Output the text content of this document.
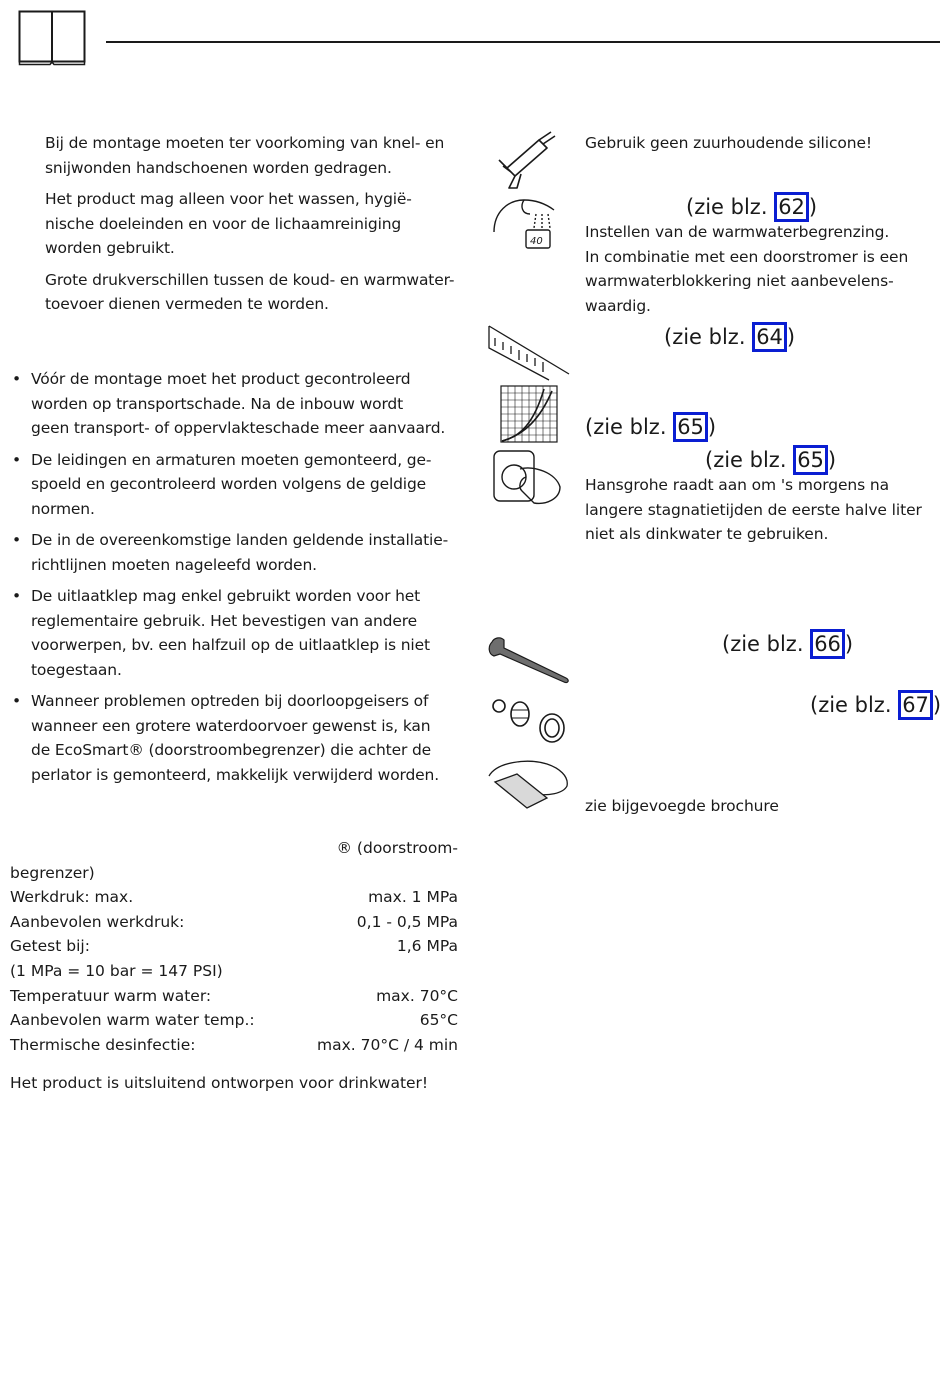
Bij de montage moeten ter voorkoming van knel- en
snijwonden handschoenen worden gedragen.

Het product mag alleen voor het wassen, hygië-
nische doeleinden en voor de lichaamreiniging
worden gebruikt.

Grote drukverschillen tussen de koud- en warmwater-
toevoer dienen vermeden te worden.

• Vóór de montage moet het product gecontroleerd
worden op transportschade. Na de inbouw wordt
geen transport- of oppervlakteschade meer aanvaard.
• De leidingen en armaturen moeten gemonteerd, ge-
spoeld en gecontroleerd worden volgens de geldige
normen.
• De in de overeenkomstige landen geldende installatie-
richtlijnen moeten nageleefd worden.
• De uitlaatklep mag enkel gebruikt worden voor het
reglementaire gebruik. Het bevestigen van andere
voorwerpen, bv. een halfzuil op de uitlaatklep is niet
toegestaan.
• Wanneer problemen optreden bij doorloopgeisers of
wanneer een grotere waterdoorvoer gewenst is, kan
de EcoSmart® (doorstroombegrenzer) die achter de
perlator is gemonteerd, makkelijk verwijderd worden.
® (doorstroom-
begrenzer)
Werkdruk: max.	max. 1 MPa
Aanbevolen werkdruk:	0,1 - 0,5 MPa
Getest bij:	1,6 MPa
(1 MPa = 10 bar = 147 PSI)
Temperatuur warm water:	max. 70°C
Aanbevolen warm water temp.:	65°C
Thermische desinfectie:	max. 70°C / 4 min
Het product is uitsluitend ontworpen voor drinkwater!
40
Gebruik geen zuurhoudende silicone!
(zie blz. 62 )
Instellen van de warmwaterbegrenzing.
In combinatie met een doorstromer is een
warmwaterblokkering niet aanbevelens-
waardig.
(zie blz. 64 )
(zie blz. 65 )
(zie blz. 65 )
Hansgrohe raadt aan om 's morgens na
langere stagnatietijden de eerste halve liter
niet als dinkwater te gebruiken.
(zie blz. 66 )
(zie blz. 67 )
zie bijgevoegde brochure
